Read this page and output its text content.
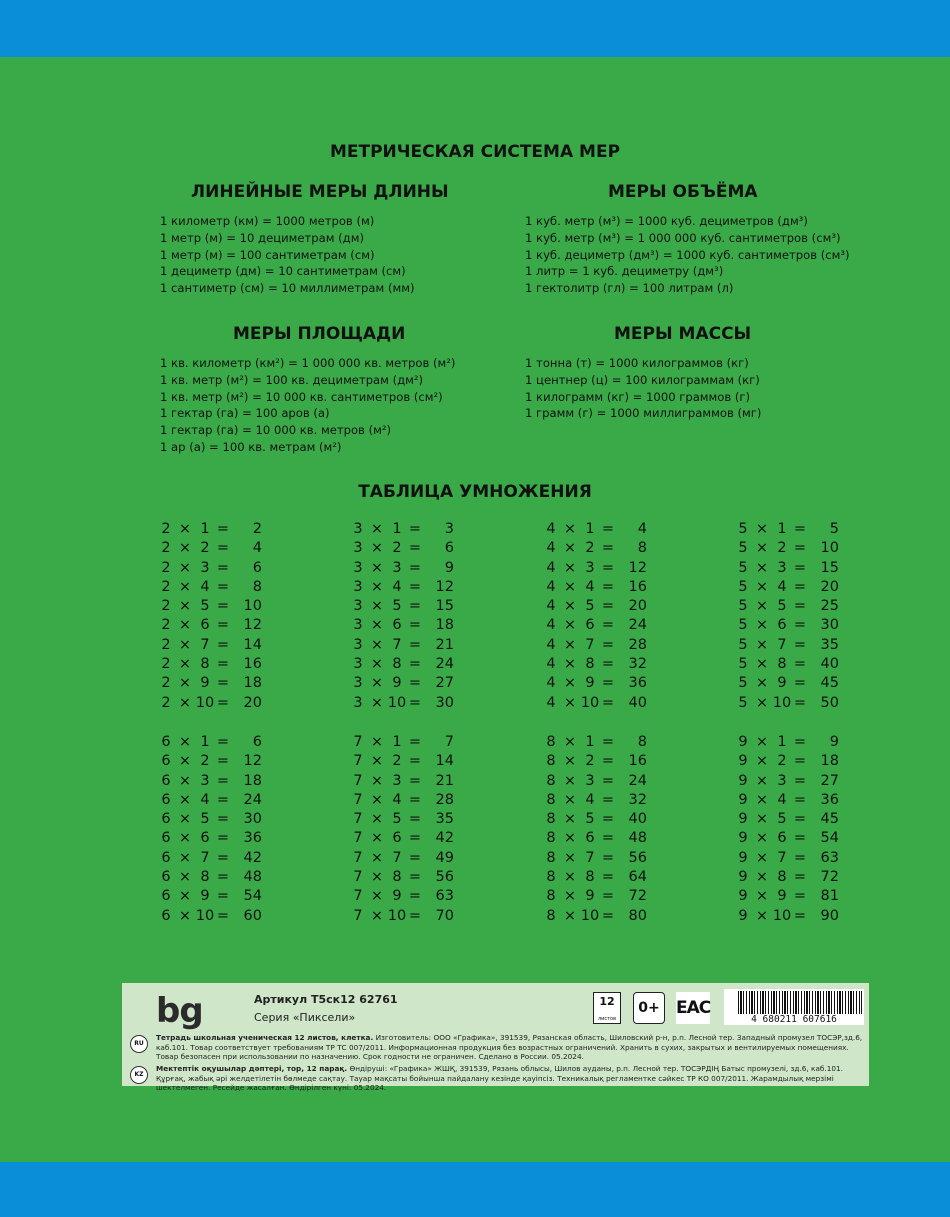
МЕТРИЧЕСКАЯ СИСТЕМА МЕР
ЛИНЕЙНЫЕ МЕРЫ ДЛИНЫ
1 километр (км) = 1000 метров (м)
1 метр (м) = 10 дециметрам (дм)
1 метр (м) = 100 сантиметрам (см)
1 дециметр (дм) = 10 сантиметрам (см)
1 сантиметр (см) = 10 миллиметрам (мм)
МЕРЫ ОБЪЁМА
1 куб. метр (м³) = 1000 куб. дециметров (дм³)
1 куб. метр (м³) = 1 000 000 куб. сантиметров (см³)
1 куб. дециметр (дм³) = 1000 куб. сантиметров (см³)
1 литр = 1 куб. дециметру (дм³)
1 гектолитр (гл) = 100 литрам (л)
МЕРЫ ПЛОЩАДИ
1 кв. километр (км²) = 1 000 000 кв. метров (м²)
1 кв. метр (м²) = 100 кв. дециметрам (дм²)
1 кв. метр (м²) = 10 000 кв. сантиметров (см²)
1 гектар (га) = 100 аров (а)
1 гектар (га) = 10 000 кв. метров (м²)
1 ар (а) = 100 кв. метрам (м²)
МЕРЫ МАССЫ
1 тонна (т) = 1000 килограммов (кг)
1 центнер (ц) = 100 килограммам (кг)
1 килограмм (кг) = 1000 граммов (г)
1 грамм (г) = 1000 миллиграммов (мг)
ТАБЛИЦА УМНОЖЕНИЯ
2 × 1 =	2
2 × 2 =	4
2 × 3 =	6
2 × 4 =	8
2 × 5 = 10
2 × 6 = 12
2 × 7 = 14
2 × 8 = 16
2 × 9 = 18
2 × 10 = 20
3 × 1 =	3
3 × 2 =	6
3 × 3 =	9
3 × 4 = 12
3 × 5 = 15
3 × 6 = 18
3 × 7 = 21
3 × 8 = 24
3 × 9 = 27
3 × 10 = 30
4 × 1 =	4
4 × 2 =	8
4 × 3 = 12
4 × 4 = 16
4 × 5 = 20
4 × 6 = 24
4 × 7 = 28
4 × 8 = 32
4 × 9 = 36
4 × 10 = 40
5 × 1 =	5
5 × 2 = 10
5 × 3 = 15
5 × 4 = 20
5 × 5 = 25
5 × 6 = 30
5 × 7 = 35
5 × 8 = 40
5 × 9 = 45
5 × 10 = 50
6 × 1 =	6
6 × 2 = 12
6 × 3 = 18
6 × 4 = 24
6 × 5 = 30
6 × 6 = 36
6 × 7 = 42
6 × 8 = 48
6 × 9 = 54
6 × 10 = 60
7 × 1 =	7
7 × 2 = 14
7 × 3 = 21
7 × 4 = 28
7 × 5 = 35
7 × 6 = 42
7 × 7 = 49
7 × 8 = 56
7 × 9 = 63
7 × 10 = 70
8 × 1 =	8
8 × 2 = 16
8 × 3 = 24
8 × 4 = 32
8 × 5 = 40
8 × 6 = 48
8 × 7 = 56
8 × 8 = 64
8 × 9 = 72
8 × 10 = 80
9 × 1 =	9
9 × 2 = 18
9 × 3 = 27
9 × 4 = 36
9 × 5 = 45
9 × 6 = 54
9 × 7 = 63
9 × 8 = 72
9 × 9 = 81
9 × 10 = 90
bg	Артикул Т5ск12 62761
Серия «Пиксели»
12
листов
0+ EAC
4 680211 607616
RU
Тетрадь школьная ученическая 12 листов, клетка. Изготовитель: ООО «Графика», 391539, Рязанская область, Шиловский р-н, р.п. Лесной тер. Западный промузел ТОСЭР,зд.6, каб.101. Товар соответствует требованиям ТР ТС 007/2011. Информационная продукция без возрастных ограничений. Хранить в сухих, закрытых и вентилируемых помещениях. Товар безопасен при использовании по назначению. Срок годности не ограничен. Сделано в России. 05.2024.
KZ
Мектептік оқушылар дәптері, тор, 12 парақ. Өндіруші: «Графика» ЖШҚ, 391539, Рязань облысы, Шилов ауданы, р.п. Лесной тер. ТОСЭРДІҢ Батыс промузелі, зд.6, каб.101. Құрғақ, жабық әрі желдетілетін бөлмеде сақтау. Тауар мақсаты бойынша пайдалану кезінде қауіпсіз. Техникалық регламентке сәйкес ТР КО 007/2011. Жарамдылық мерзімі шектелмеген. Ресейде жасалған. Өндірілген күні: 05.2024.
